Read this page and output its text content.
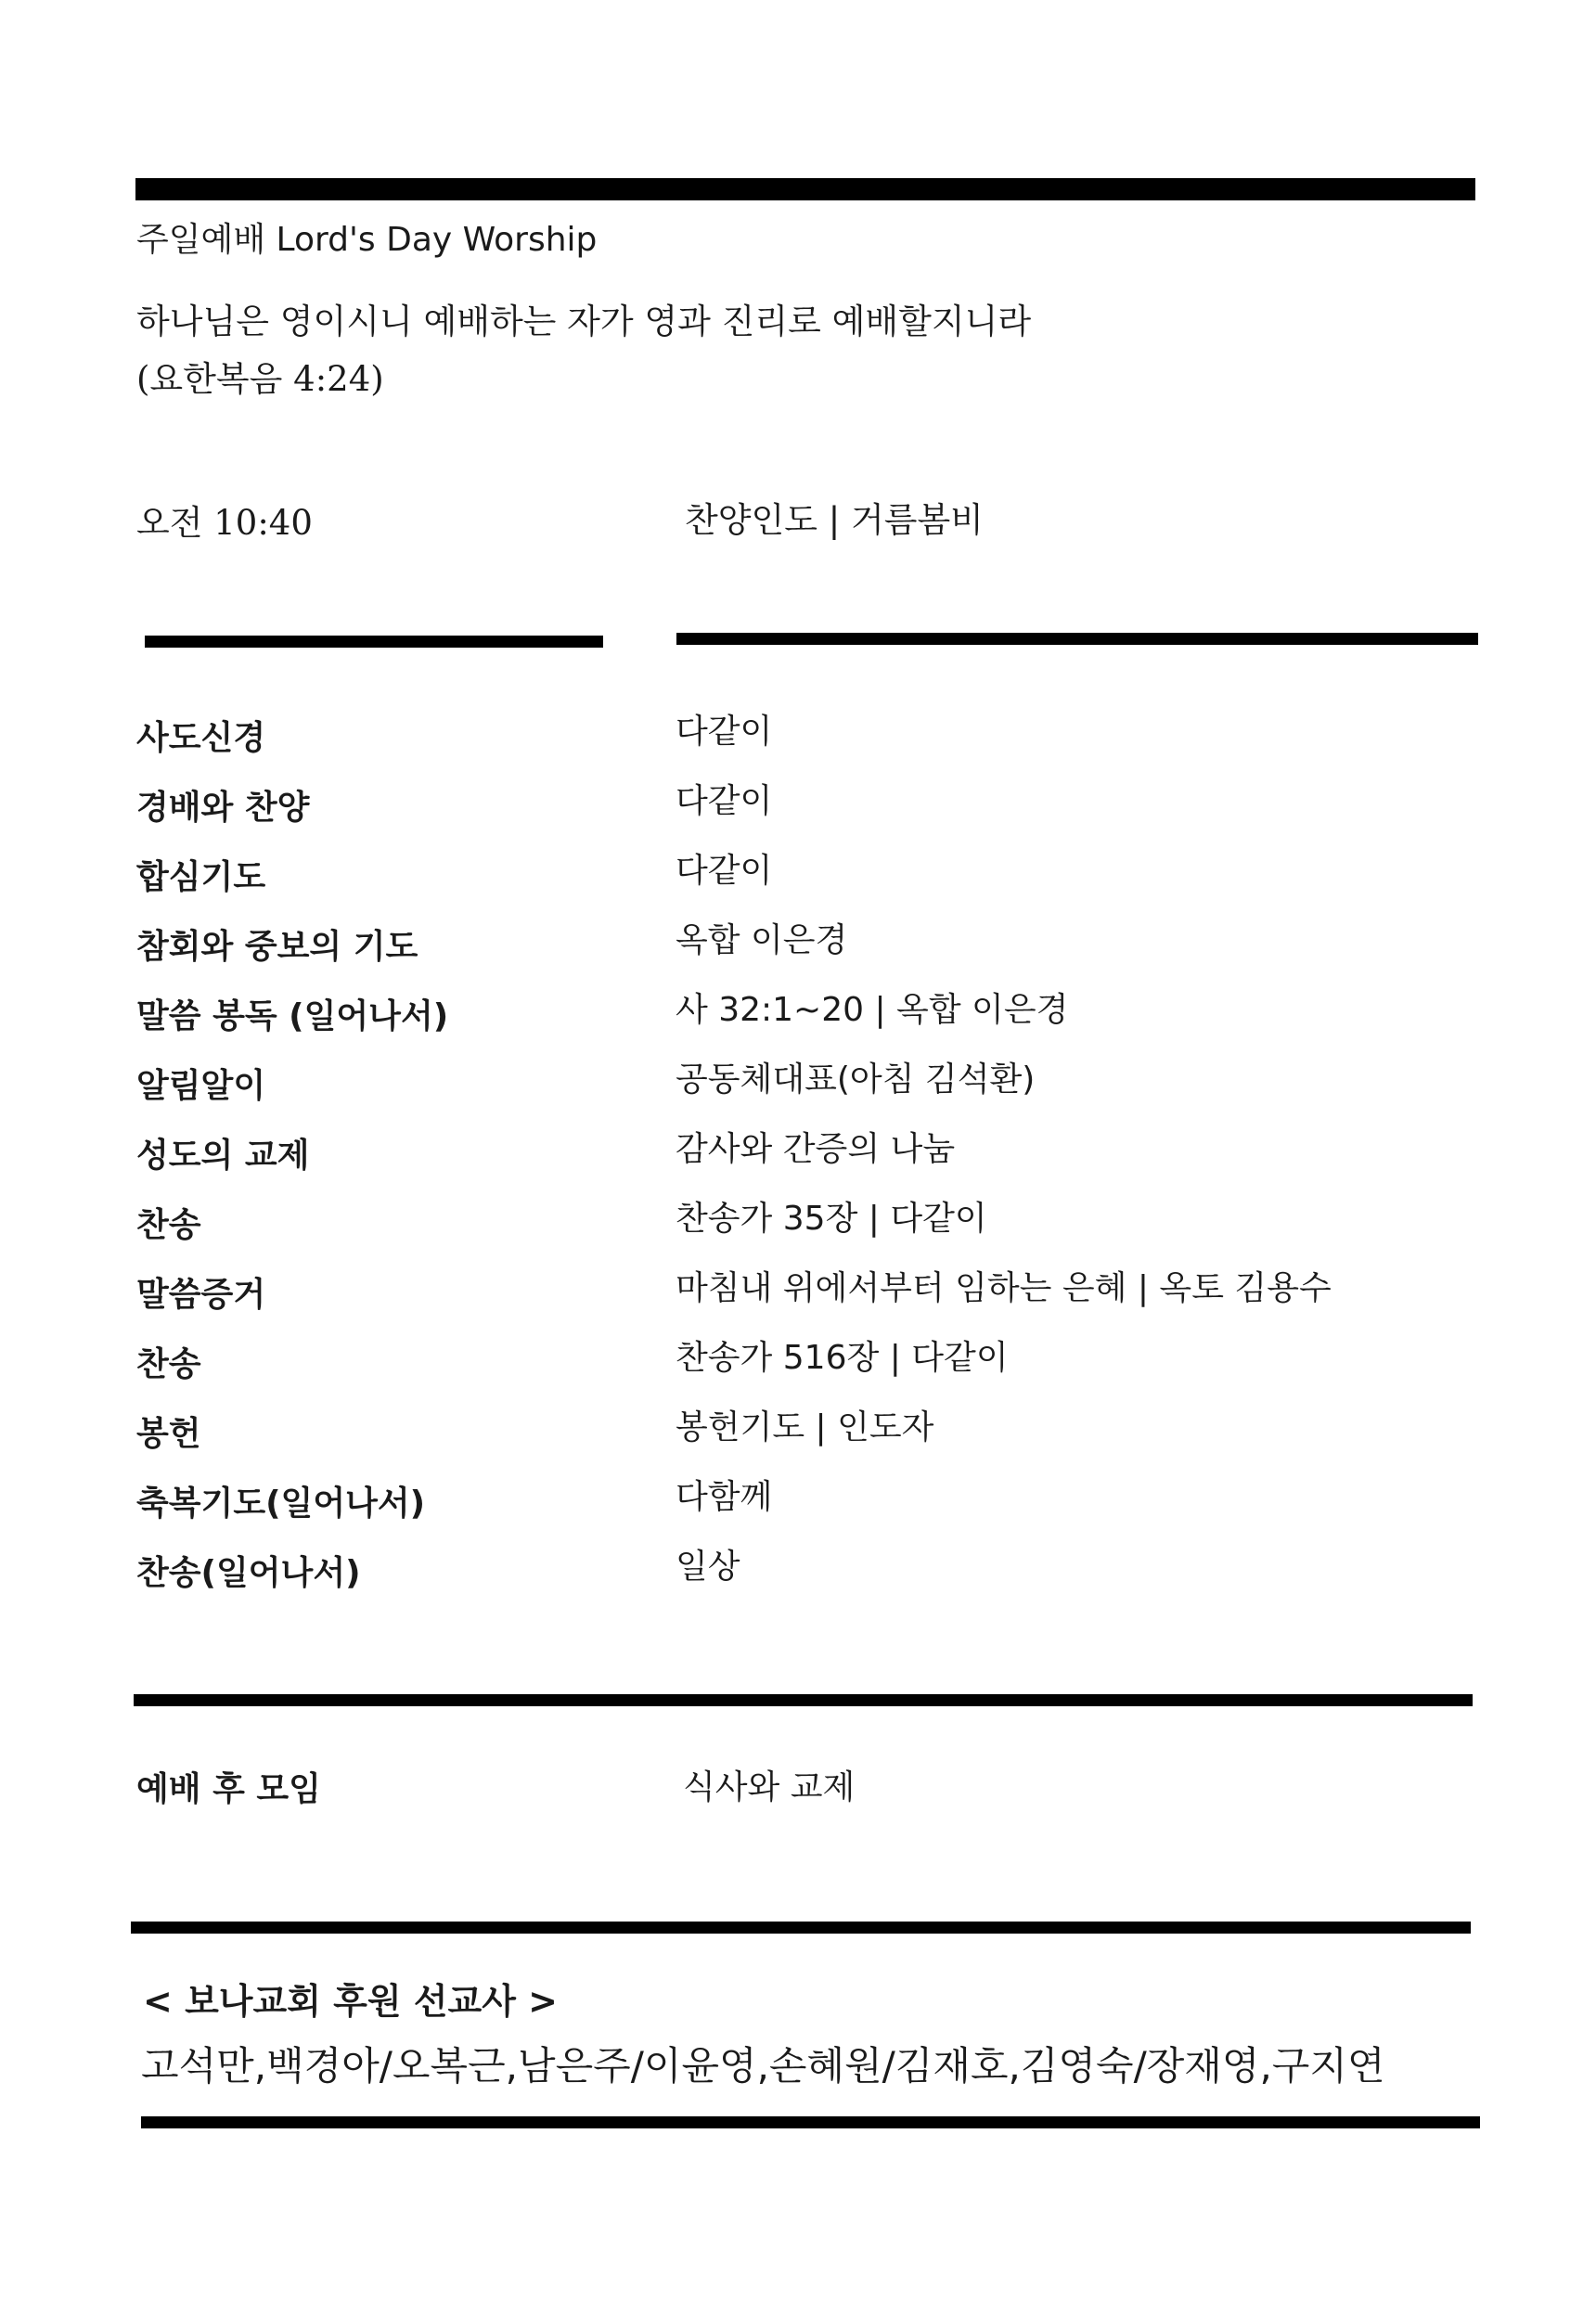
주일예배 Lord's Day Worship
하나님은 영이시니 예배하는 자가 영과 진리로 예배할지니라
(요한복음 4:24)
오전 10:40	찬양인도 | 거름봄비
사도신경	다같이
경배와 찬양	다같이
합심기도	다같이
참회와 중보의 기도	옥합 이은경
말씀 봉독 (일어나서)	사 32:1~20 | 옥합 이은경
알림알이	공동체대표(아침 김석환)
성도의 교제	감사와 간증의 나눔
찬송	찬송가 35장 | 다같이
말씀증거	마침내 위에서부터 임하는 은혜 | 옥토 김용수
찬송	찬송가 516장 | 다같이
봉헌	봉헌기도 | 인도자
축복기도(일어나서)	다함께
찬송(일어나서)	일상
예배 후 모임	식사와 교제
< 보나교회 후원 선교사 >
고석만,백경아/오복근,남은주/이윤영,손혜원/김재호,김영숙/장재영,구지연
